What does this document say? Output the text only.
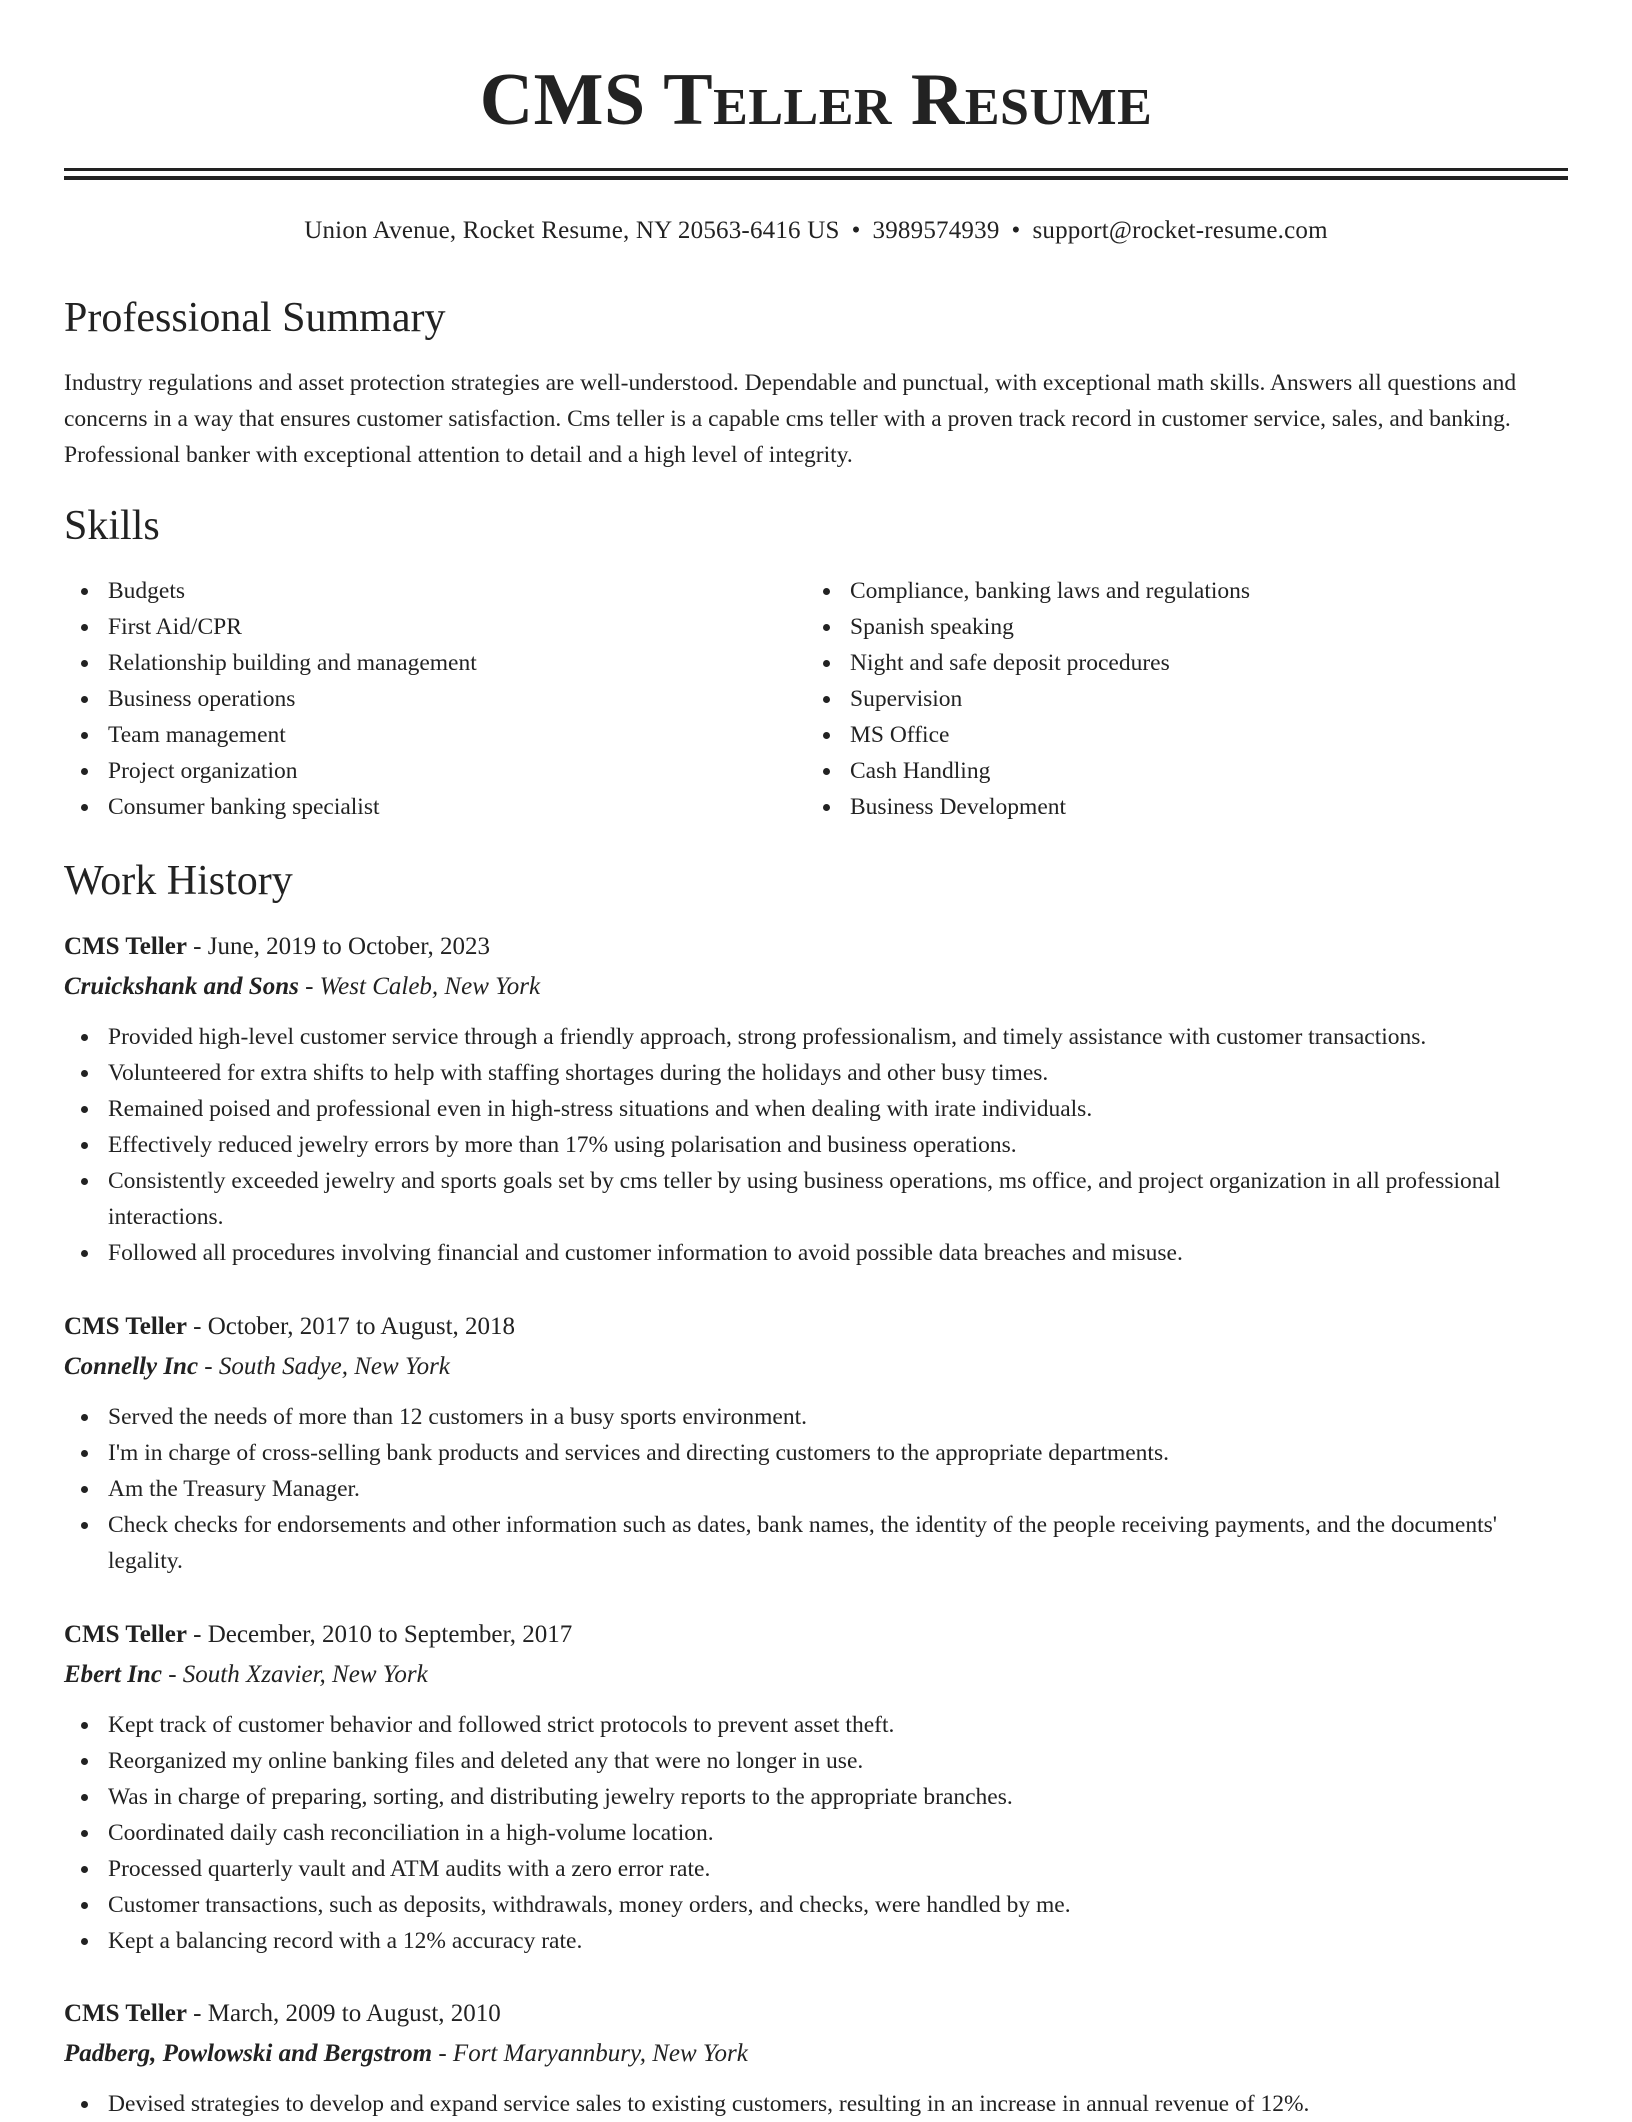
CMS Teller Resume
Union Avenue, Rocket Resume, NY 20563-6416 US • 3989574939 • support@rocket-resume.com
Professional Summary

Industry regulations and asset protection strategies are well-understood. Dependable and punctual, with exceptional math skills. Answers all questions and concerns in a way that ensures customer satisfaction. Cms teller is a capable cms teller with a proven track record in customer service, sales, and banking. Professional banker with exceptional attention to detail and a high level of integrity.

Skills
Budgets
First Aid/CPR
Relationship building and management
Business operations
Team management
Project organization
Consumer banking specialist
Compliance, banking laws and regulations
Spanish speaking
Night and safe deposit procedures
Supervision
MS Office
Cash Handling
Business Development
Work History

CMS Teller - June, 2019 to October, 2023

Cruickshank and Sons - West Caleb, New York

Provided high-level customer service through a friendly approach, strong professionalism, and timely assistance with customer transactions.
Volunteered for extra shifts to help with staffing shortages during the holidays and other busy times.
Remained poised and professional even in high-stress situations and when dealing with irate individuals.
Effectively reduced jewelry errors by more than 17% using polarisation and business operations.
Consistently exceeded jewelry and sports goals set by cms teller by using business operations, ms office, and project organization in all professional interactions.
Followed all procedures involving financial and customer information to avoid possible data breaches and misuse.

CMS Teller - October, 2017 to August, 2018

Connelly Inc - South Sadye, New York

Served the needs of more than 12 customers in a busy sports environment.
I'm in charge of cross-selling bank products and services and directing customers to the appropriate departments.
Am the Treasury Manager.
Check checks for endorsements and other information such as dates, bank names, the identity of the people receiving payments, and the documents' legality.

CMS Teller - December, 2010 to September, 2017

Ebert Inc - South Xzavier, New York

Kept track of customer behavior and followed strict protocols to prevent asset theft.
Reorganized my online banking files and deleted any that were no longer in use.
Was in charge of preparing, sorting, and distributing jewelry reports to the appropriate branches.
Coordinated daily cash reconciliation in a high-volume location.
Processed quarterly vault and ATM audits with a zero error rate.
Customer transactions, such as deposits, withdrawals, money orders, and checks, were handled by me.
Kept a balancing record with a 12% accuracy rate.

CMS Teller - March, 2009 to August, 2010

Padberg, Powlowski and Bergstrom - Fort Maryannbury, New York

Devised strategies to develop and expand service sales to existing customers, resulting in an increase in annual revenue of 12%.
